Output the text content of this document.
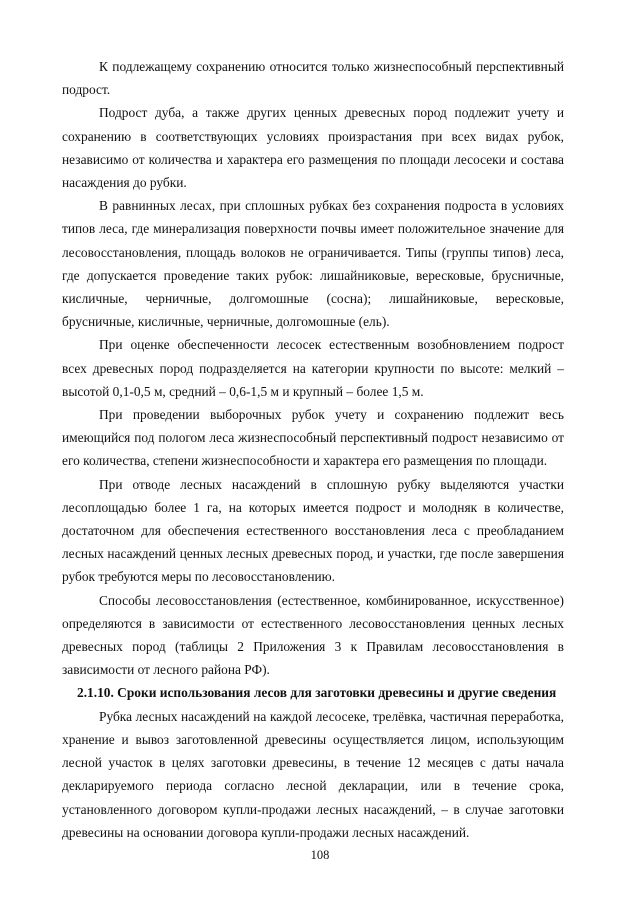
К подлежащему сохранению относится только жизнеспособный перспективный подрост.

Подрост дуба, а также других ценных древесных пород подлежит учету и сохранению в соответствующих условиях произрастания при всех видах рубок, независимо от количества и характера его размещения по площади лесосеки и состава насаждения до рубки.

В равнинных лесах, при сплошных рубках без сохранения подроста в условиях типов леса, где минерализация поверхности почвы имеет положительное значение для лесовосстановления, площадь волоков не ограничивается. Типы (группы типов) леса, где допускается проведение таких рубок: лишайниковые, вересковые, брусничные, кисличные, черничные, долгомошные (сосна); лишайниковые, вересковые, брусничные, кисличные, черничные, долгомошные (ель).

При оценке обеспеченности лесосек естественным возобновлением подрост всех древесных пород подразделяется на категории крупности по высоте: мелкий – высотой 0,1-0,5 м, средний – 0,6-1,5 м и крупный – более 1,5 м.

При проведении выборочных рубок учету и сохранению подлежит весь имеющийся под пологом леса жизнеспособный перспективный подрост независимо от его количества, степени жизнеспособности и характера его размещения по площади.

При отводе лесных насаждений в сплошную рубку выделяются участки лесоплощадью более 1 га, на которых имеется подрост и молодняк в количестве, достаточном для обеспечения естественного восстановления леса с преобладанием лесных насаждений ценных лесных древесных пород, и участки, где после завершения рубок требуются меры по лесовосстановлению.

Способы лесовосстановления (естественное, комбинированное, искусственное) определяются в зависимости от естественного лесовосстановления ценных лесных древесных пород (таблицы 2 Приложения 3 к Правилам лесовосстановления в зависимости от лесного района РФ).

2.1.10. Сроки использования лесов для заготовки древесины и другие сведения

Рубка лесных насаждений на каждой лесосеке, трелёвка, частичная переработка, хранение и вывоз заготовленной древесины осуществляется лицом, использующим лесной участок в целях заготовки древесины, в течение 12 месяцев с даты начала декларируемого периода согласно лесной декларации, или в течение срока, установленного договором купли-продажи лесных насаждений, – в случае заготовки древесины на основании договора купли-продажи лесных насаждений.

108
